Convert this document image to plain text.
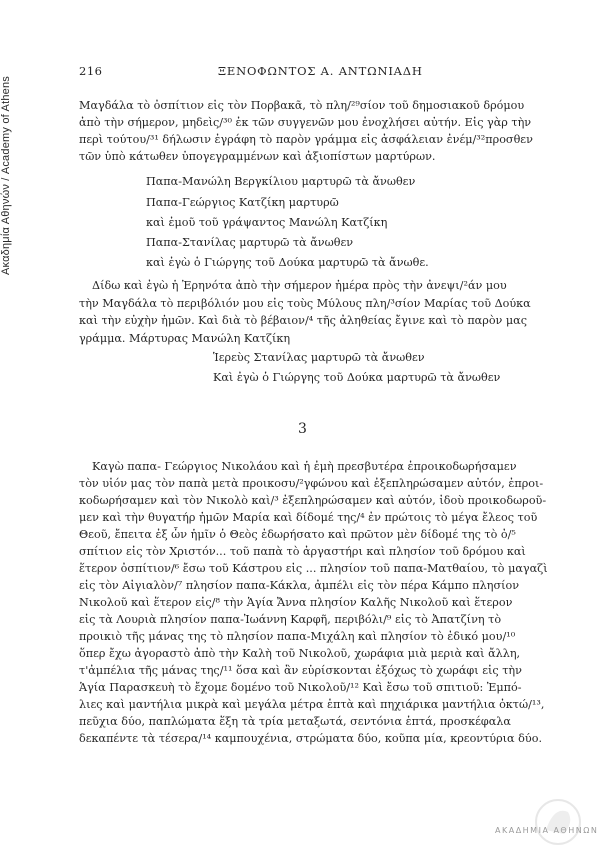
Ακαδημία Αθηνών / Academy of Athens
216	ΞΕΝΟΦΩΝΤΟΣ Α. ΑΝΤΩΝΙΑΔΗ
Μαγδάλα τὸ ὀσπίτιον εἰς τὸν Πορβακᾶ, τὸ πλη/²⁹σίον τοῦ δημοσιακοῦ δρόμου
ἀπὸ τὴν σήμερον, μηδεὶς/³⁰ ἐκ τῶν συγγενῶν μου ἐνοχλήσει αὐτήν. Εἰς γὰρ τὴν
περὶ τούτου/³¹ δήλωσιν ἐγράφη τὸ παρὸν γράμμα εἰς ἀσφάλειαν ἐνέμ/³²προσθεν
τῶν ὑπὸ κάτωθεν ὑπογεγραμμένων καὶ ἀξιοπίστων μαρτύρων.
Παπα-Μανώλη Βεργκίλιου μαρτυρῶ τὰ ἄνωθεν
Παπα-Γεώργιος Κατζίκη μαρτυρῶ
καὶ ἐμοῦ τοῦ γράψαντος Μανώλη Κατζίκη
Παπα-Στανίλας μαρτυρῶ τὰ ἄνωθεν
καὶ ἐγὼ ὁ Γιώργης τοῦ Δούκα μαρτυρῶ τὰ ἄνωθε.
Δίδω καὶ ἐγὼ ἡ Ἐρηνότα ἀπὸ τὴν σήμερον ἡμέρα πρὸς τὴν ἀνεψι/²άν μου
τὴν Μαγδάλα τὸ περιβόλιόν μου εἰς τοὺς Μύλους πλη/³σίον Μαρίας τοῦ Δούκα
καὶ τὴν εὐχὴν ἡμῶν. Καὶ διὰ τὸ βέβαιον/⁴ τῆς ἀληθείας ἔγινε καὶ τὸ παρὸν μας
γράμμα. Μάρτυρας Μανώλη Κατζίκη
Ἱερεὺς Στανίλας μαρτυρῶ τὰ ἄνωθεν
Καὶ ἐγὼ ὁ Γιώργης τοῦ Δούκα μαρτυρῶ τὰ ἄνωθεν
3
Καγὼ παπα- Γεώργιος Νικολάου καὶ ἡ ἐμὴ πρεσβυτέρα ἐπροικοδωρήσαμεν
τὸν υἱόν μας τὸν παπὰ μετὰ προικοσυ/²γφώνου καὶ ἐξεπληρώσαμεν αὐτόν, ἐπροι-
κοδωρήσαμεν καὶ τὸν Νικολὸ καὶ/³ ἐξεπληρώσαμεν καὶ αὐτόν, ἰδοὺ προικοδωροῦ-
μεν καὶ τὴν θυγατήρ ἡμῶν Μαρία καὶ δίδομέ της/⁴ ἐν πρώτοις τὸ μέγα ἔλεος τοῦ
Θεοῦ, ἔπειτα ἐξ ὧν ἡμῖν ὁ Θεὸς ἐδωρήσατο καὶ πρῶτον μὲν δίδομέ της τὸ ὀ/⁵
σπίτιον εἰς τὸν Χριστόν... τοῦ παπὰ τὸ ἀργαστήρι καὶ πλησίον τοῦ δρόμου καὶ
ἕτερον ὀσπίτιον/⁶ ἔσω τοῦ Κάστρου εἰς ... πλησίον τοῦ παπα-Ματθαίου, τὸ μαγαζὶ
εἰς τὸν Αἰγιαλὸν/⁷ πλησίον παπα-Κάκλα, ἀμπέλι εἰς τὸν πέρα Κάμπο πλησίον
Νικολοῦ καὶ ἕτερον εἰς/⁸ τὴν Ἁγία Ἄννα πλησίον Καλῆς Νικολοῦ καὶ ἕτερον
εἰς τὰ Λουριὰ πλησίον παπα-Ἰωάννη Καρφῆ, περιβόλι/⁹ εἰς τὸ Ἀπατζίνη τὸ
προικιὸ τῆς μάνας της τὸ πλησίον παπα-Μιχάλη καὶ πλησίον τὸ ἐδικό μου/¹⁰
ὅπερ ἔχω ἀγοραστὸ ἀπὸ τὴν Καλὴ τοῦ Νικολοῦ, χωράφια μιὰ μεριὰ καὶ ἄλλη,
τ'ἀμπέλια τῆς μάνας της/¹¹ ὅσα καὶ ἂν εὑρίσκονται ἐξόχως τὸ χωράφι εἰς τὴν
Ἁγία Παρασκευὴ τὸ ἔχομε δομένο τοῦ Νικολοῦ/¹² Καὶ ἔσω τοῦ σπιτιοῦ: Ἐμπό-
λιες καὶ μαντήλια μικρὰ καὶ μεγάλα μέτρα ἑπτὰ καὶ πηχιάρικα μαντήλια ὀκτώ/¹³,
πεῦχια δύο, παπλώματα ἕξη τὰ τρία μεταξωτά, σεντόνια ἑπτά, προσκέφαλα
δεκαπέντε τὰ τέσερα/¹⁴ καμπουχένια, στρώματα δύο, κοῦπα μία, κρεοντύρια δύο.
ΑΚΑΔΗΜΙΑ ΑΘΗΝΩΝ
